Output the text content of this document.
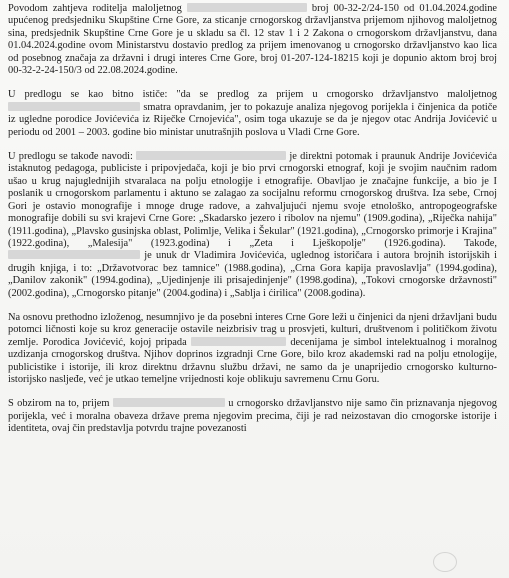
Povodom zahtjeva roditelja maloljetnog	broj 00-32-2/24-150 od 01.04.2024.godine upućenog predsjedniku Skupštine Crne Gore, za sticanje crnogorskog državljanstva prijemom njihovog maloljetnog sina, predsjednik Skupštine Crne Gore je u skladu sa čl. 12 stav 1 i 2 Zakona o crnogorskom državljanstvu, dana 01.04.2024.godine ovom Ministarstvu dostavio predlog za prijem imenovanog u crnogorsko državljanstvo kao lica od posebnog značaja za državni i drugi interes Crne Gore, broj 01-207-124-18215 koji je dopunio aktom broj broj 00-32-2-24-150/3 od 22.08.2024.godine.

U predlogu se kao bitno ističe: "da se predlog za prijem u crnogorsko državljanstvo maloljetnog  smatra opravdanim, jer to pokazuje analiza njegovog porijekla i činjenica da potiče iz ugledne porodice Jovićevića iz Riječke Crnojevića", osim toga ukazuje se da je njegov otac Andrija Jovićević u periodu od 2001 – 2003. godine bio ministar unutrašnjih poslova u Vladi Crne Gore.

U predlogu se takođe navodi:	je direktni potomak i praunuk Andrije Jovićevića istaknutog pedagoga, publiciste i pripovjedača, koji je bio prvi crnogorski etnograf, koji je svojim naučnim radom ušao u krug najuglednijih stvaralaca na polju etnologije i etnografije. Obavljao je značajne funkcije, a bio je I poslanik u crnogorskom parlamentu i aktuno se zalagao za socijalnu reformu crnogorskog društva. Iza sebe, Crnoj Gori je ostavio monografije i mnoge druge radove, a zahvaljujući njemu svoje etnološko, antropogeografske monografije dobili su svi krajevi Crne Gore: „Skadarsko jezero i ribolov na njemu" (1909.godina), „Riječka nahija" (1911.godina), „Plavsko gusinjska oblast, Polimlje, Velika i Šekular" (1921.godina), „Crnogorsko primorje i Krajina" (1922.godina), „Malesija" (1923.godina) i „Zeta i Lješkopolje" (1926.godina). Takođe,  je unuk dr Vladimira Jovićevića, uglednog istoričara i autora brojnih istorijskih i drugih knjiga, i to: „Državotvorac bez tamnice" (1988.godina), „Crna Gora kapija pravoslavlja" (1994.godina), „Danilov zakonik" (1994.godina), „Ujedinjenje ili prisajedinjenje" (1998.godina), „Tokovi crnogorske državnosti" (2002.godina), „Crnogorsko pitanje" (2004.godina) i „Sablja i ćirilica" (2008.godina).

Na osnovu prethodno izloženog, nesumnjivo je da posebni interes Crne Gore leži u činjenici da njeni državljani budu potomci ličnosti koje su kroz generacije ostavile neizbrisiv trag u prosvjeti, kulturi, društvenom i političkom životu zemlje. Porodica Jovićević, kojoj pripada	decenijama je simbol intelektualnog i moralnog uzdizanja crnogorskog društva. Njihov doprinos izgradnji Crne Gore, bilo kroz akademski rad na polju etnologije, publicistike i istorije, ili kroz direktnu državnu službu državi, ne samo da je unaprijedio crnogorsko kulturno-istorijsko nasljeđe, već je utkao temeljne vrijednosti koje oblikuju savremenu Crnu Goru.

S obzirom na to, prijem	u crnogorsko državljanstvo nije samo čin priznavanja njegovog porijekla, već i moralna obaveza države prema njegovim precima, čiji je rad neizostavan dio crnogorske istorije i identiteta, ovaj čin predstavlja potvrdu trajne povezanosti
